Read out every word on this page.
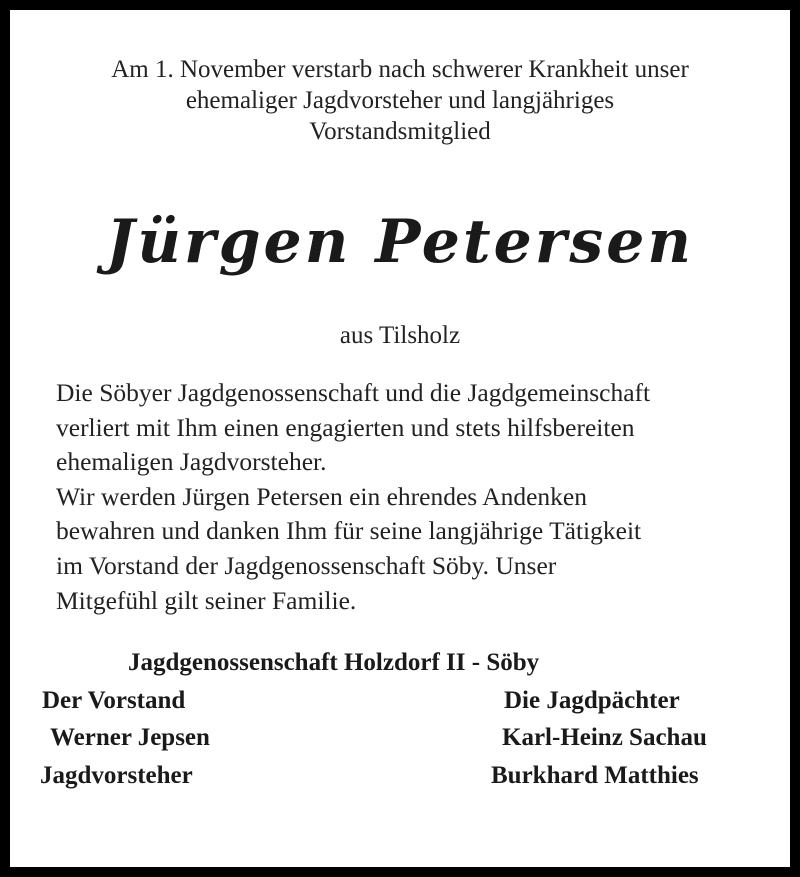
Am 1. November verstarb nach schwerer Krankheit unser
ehemaliger Jagdvorsteher und langjähriges
Vorstandsmitglied
Jürgen Petersen
aus Tilsholz
Die Söbyer Jagdgenossenschaft und die Jagdgemeinschaft
verliert mit Ihm einen engagierten und stets hilfsbereiten
ehemaligen Jagdvorsteher.
Wir werden Jürgen Petersen ein ehrendes Andenken
bewahren und danken Ihm für seine langjährige Tätigkeit
im Vorstand der Jagdgenossenschaft Söby. Unser
Mitgefühl gilt seiner Familie.
Jagdgenossenschaft Holzdorf II - Söby
Der Vorstand
Werner Jepsen
Jagdvorsteher
Die Jagdpächter
Karl-Heinz Sachau
Burkhard Matthies
